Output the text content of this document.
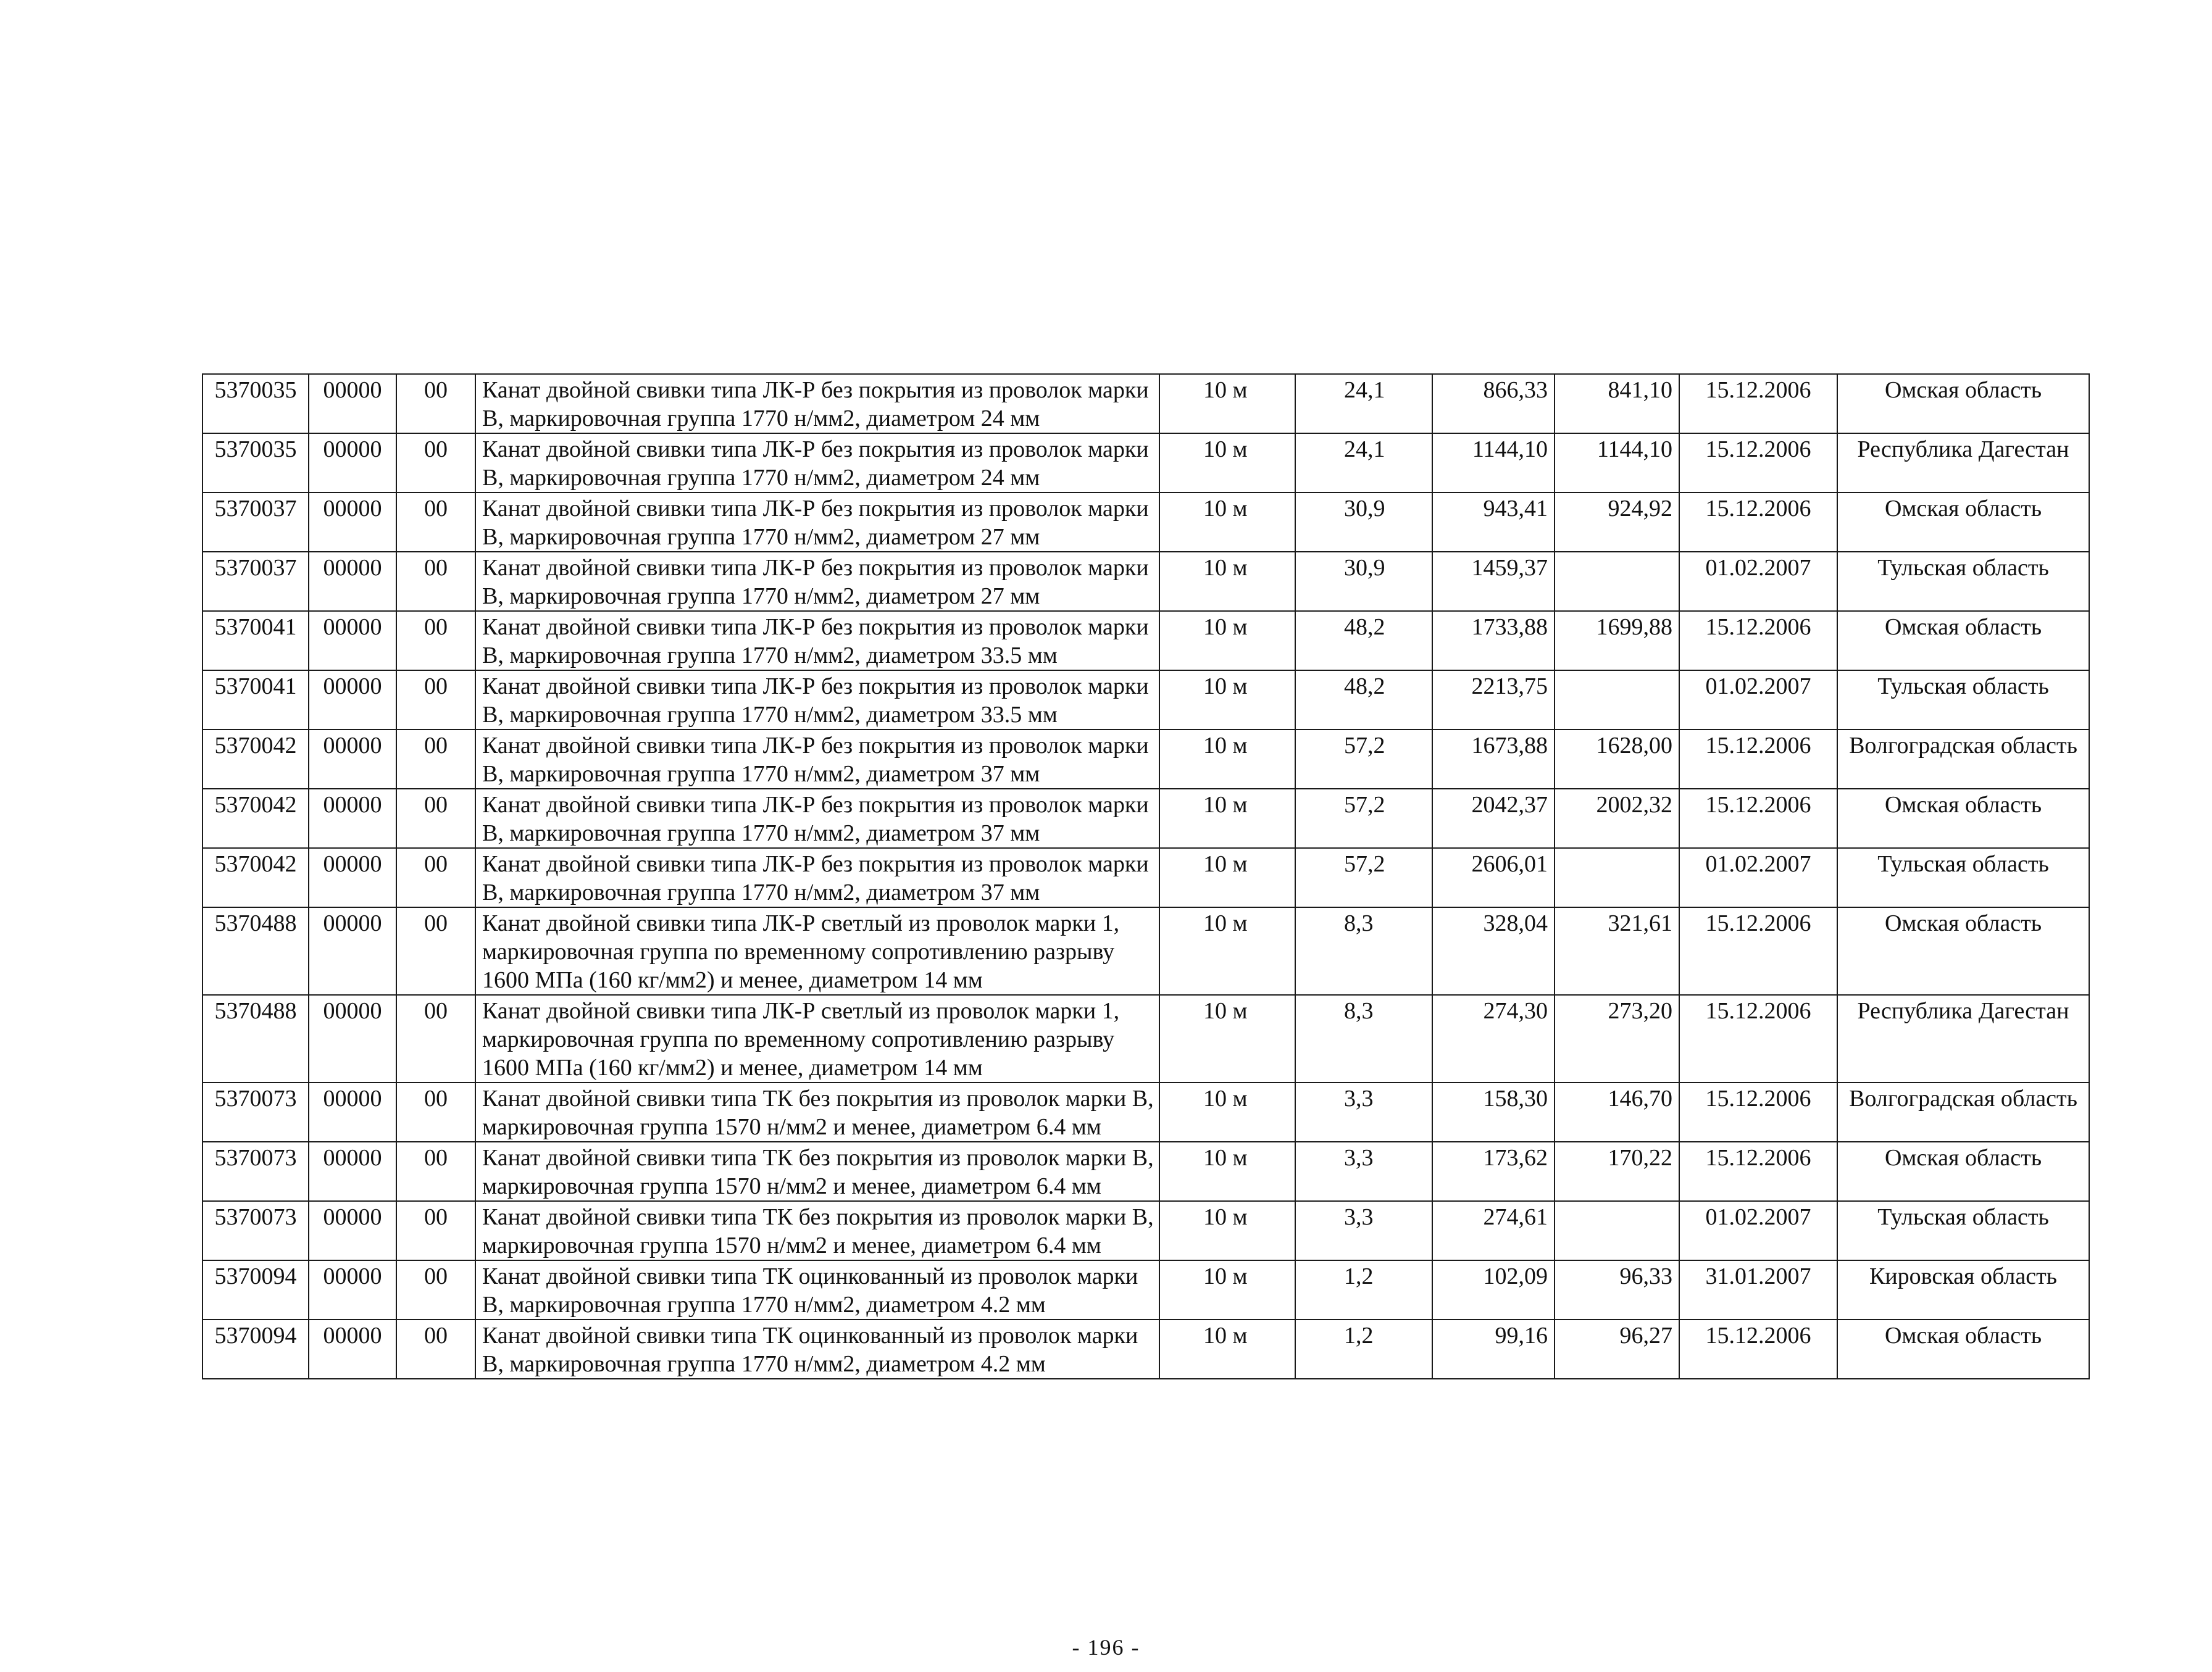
5370035	00000	00	Канат двойной свивки типа ЛК-Р без покрытия из проволок марки В, маркировочная группа 1770 н/мм2, диаметром 24 мм	10 м	24,1	866,33	841,10	15.12.2006	Омская область
5370035	00000	00	Канат двойной свивки типа ЛК-Р без покрытия из проволок марки В, маркировочная группа 1770 н/мм2, диаметром 24 мм	10 м	24,1	1144,10	1144,10	15.12.2006	Республика Дагестан
5370037	00000	00	Канат двойной свивки типа ЛК-Р без покрытия из проволок марки В, маркировочная группа 1770 н/мм2, диаметром 27 мм	10 м	30,9	943,41	924,92	15.12.2006	Омская область
5370037	00000	00	Канат двойной свивки типа ЛК-Р без покрытия из проволок марки В, маркировочная группа 1770 н/мм2, диаметром 27 мм	10 м	30,9	1459,37		01.02.2007	Тульская область
5370041	00000	00	Канат двойной свивки типа ЛК-Р без покрытия из проволок марки В, маркировочная группа 1770 н/мм2, диаметром 33.5 мм	10 м	48,2	1733,88	1699,88	15.12.2006	Омская область
5370041	00000	00	Канат двойной свивки типа ЛК-Р без покрытия из проволок марки В, маркировочная группа 1770 н/мм2, диаметром 33.5 мм	10 м	48,2	2213,75		01.02.2007	Тульская область
5370042	00000	00	Канат двойной свивки типа ЛК-Р без покрытия из проволок марки В, маркировочная группа 1770 н/мм2, диаметром 37 мм	10 м	57,2	1673,88	1628,00	15.12.2006	Волгоградская область
5370042	00000	00	Канат двойной свивки типа ЛК-Р без покрытия из проволок марки В, маркировочная группа 1770 н/мм2, диаметром 37 мм	10 м	57,2	2042,37	2002,32	15.12.2006	Омская область
5370042	00000	00	Канат двойной свивки типа ЛК-Р без покрытия из проволок марки В, маркировочная группа 1770 н/мм2, диаметром 37 мм	10 м	57,2	2606,01		01.02.2007	Тульская область
5370488	00000	00	Канат двойной свивки типа ЛК-Р светлый из проволок марки 1, маркировочная группа по временному сопротивлению разрыву 1600 МПа (160 кг/мм2) и менее, диаметром 14 мм	10 м	8,3	328,04	321,61	15.12.2006	Омская область
5370488	00000	00	Канат двойной свивки типа ЛК-Р светлый из проволок марки 1, маркировочная группа по временному сопротивлению разрыву 1600 МПа (160 кг/мм2) и менее, диаметром 14 мм	10 м	8,3	274,30	273,20	15.12.2006	Республика Дагестан
5370073	00000	00	Канат двойной свивки типа ТК без покрытия из проволок марки В, маркировочная группа 1570 н/мм2 и менее, диаметром 6.4 мм	10 м	3,3	158,30	146,70	15.12.2006	Волгоградская область
5370073	00000	00	Канат двойной свивки типа ТК без покрытия из проволок марки В, маркировочная группа 1570 н/мм2 и менее, диаметром 6.4 мм	10 м	3,3	173,62	170,22	15.12.2006	Омская область
5370073	00000	00	Канат двойной свивки типа ТК без покрытия из проволок марки В, маркировочная группа 1570 н/мм2 и менее, диаметром 6.4 мм	10 м	3,3	274,61		01.02.2007	Тульская область
5370094	00000	00	Канат двойной свивки типа ТК оцинкованный из проволок марки В, маркировочная группа 1770 н/мм2, диаметром 4.2 мм	10 м	1,2	102,09	96,33	31.01.2007	Кировская область
5370094	00000	00	Канат двойной свивки типа ТК оцинкованный из проволок марки В, маркировочная группа 1770 н/мм2, диаметром 4.2 мм	10 м	1,2	99,16	96,27	15.12.2006	Омская область
- 196 -
